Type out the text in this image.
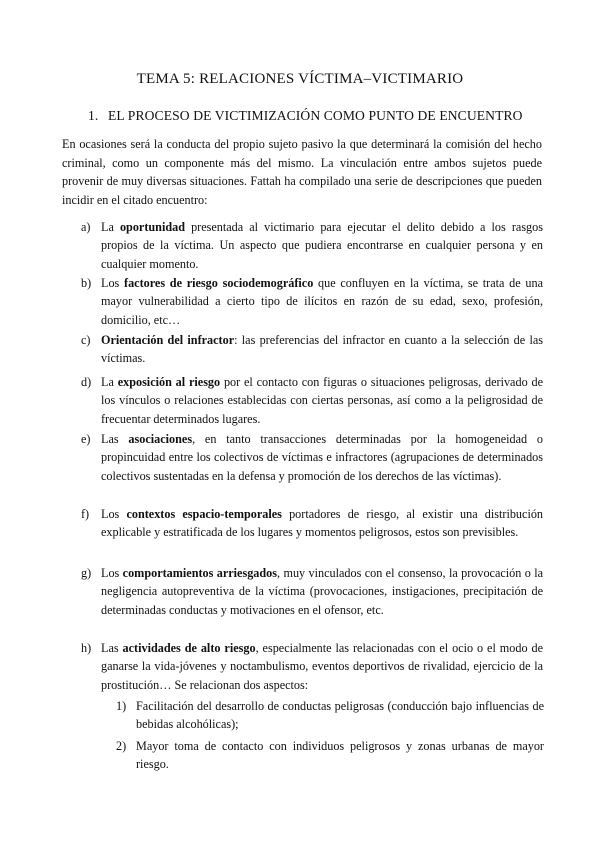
TEMA 5: RELACIONES VÍCTIMA–VICTIMARIO
1. EL PROCESO DE VICTIMIZACIÓN COMO PUNTO DE ENCUENTRO
En ocasiones será la conducta del propio sujeto pasivo la que determinará la comisión del hecho criminal, como un componente más del mismo. La vinculación entre ambos sujetos puede provenir de muy diversas situaciones. Fattah ha compilado una serie de descripciones que pueden incidir en el citado encuentro:
a) La oportunidad presentada al victimario para ejecutar el delito debido a los rasgos propios de la víctima. Un aspecto que pudiera encontrarse en cualquier persona y en cualquier momento.
b) Los factores de riesgo sociodemográfico que confluyen en la víctima, se trata de una mayor vulnerabilidad a cierto tipo de ilícitos en razón de su edad, sexo, profesión, domicilio, etc…
c) Orientación del infractor: las preferencias del infractor en cuanto a la selección de las víctimas.
d) La exposición al riesgo por el contacto con figuras o situaciones peligrosas, derivado de los vínculos o relaciones establecidas con ciertas personas, así como a la peligrosidad de frecuentar determinados lugares.
e) Las asociaciones, en tanto transacciones determinadas por la homogeneidad o propincuidad entre los colectivos de víctimas e infractores (agrupaciones de determinados colectivos sustentadas en la defensa y promoción de los derechos de las víctimas).
f) Los contextos espacio-temporales portadores de riesgo, al existir una distribución explicable y estratificada de los lugares y momentos peligrosos, estos son previsibles.
g) Los comportamientos arriesgados, muy vinculados con el consenso, la provocación o la negligencia autopreventiva de la víctima (provocaciones, instigaciones, precipitación de determinadas conductas y motivaciones en el ofensor, etc.
h) Las actividades de alto riesgo, especialmente las relacionadas con el ocio o el modo de ganarse la vida-jóvenes y noctambulismo, eventos deportivos de rivalidad, ejercicio de la prostitución… Se relacionan dos aspectos:
1) Facilitación del desarrollo de conductas peligrosas (conducción bajo influencias de bebidas alcohólicas);
2) Mayor toma de contacto con individuos peligrosos y zonas urbanas de mayor riesgo.
